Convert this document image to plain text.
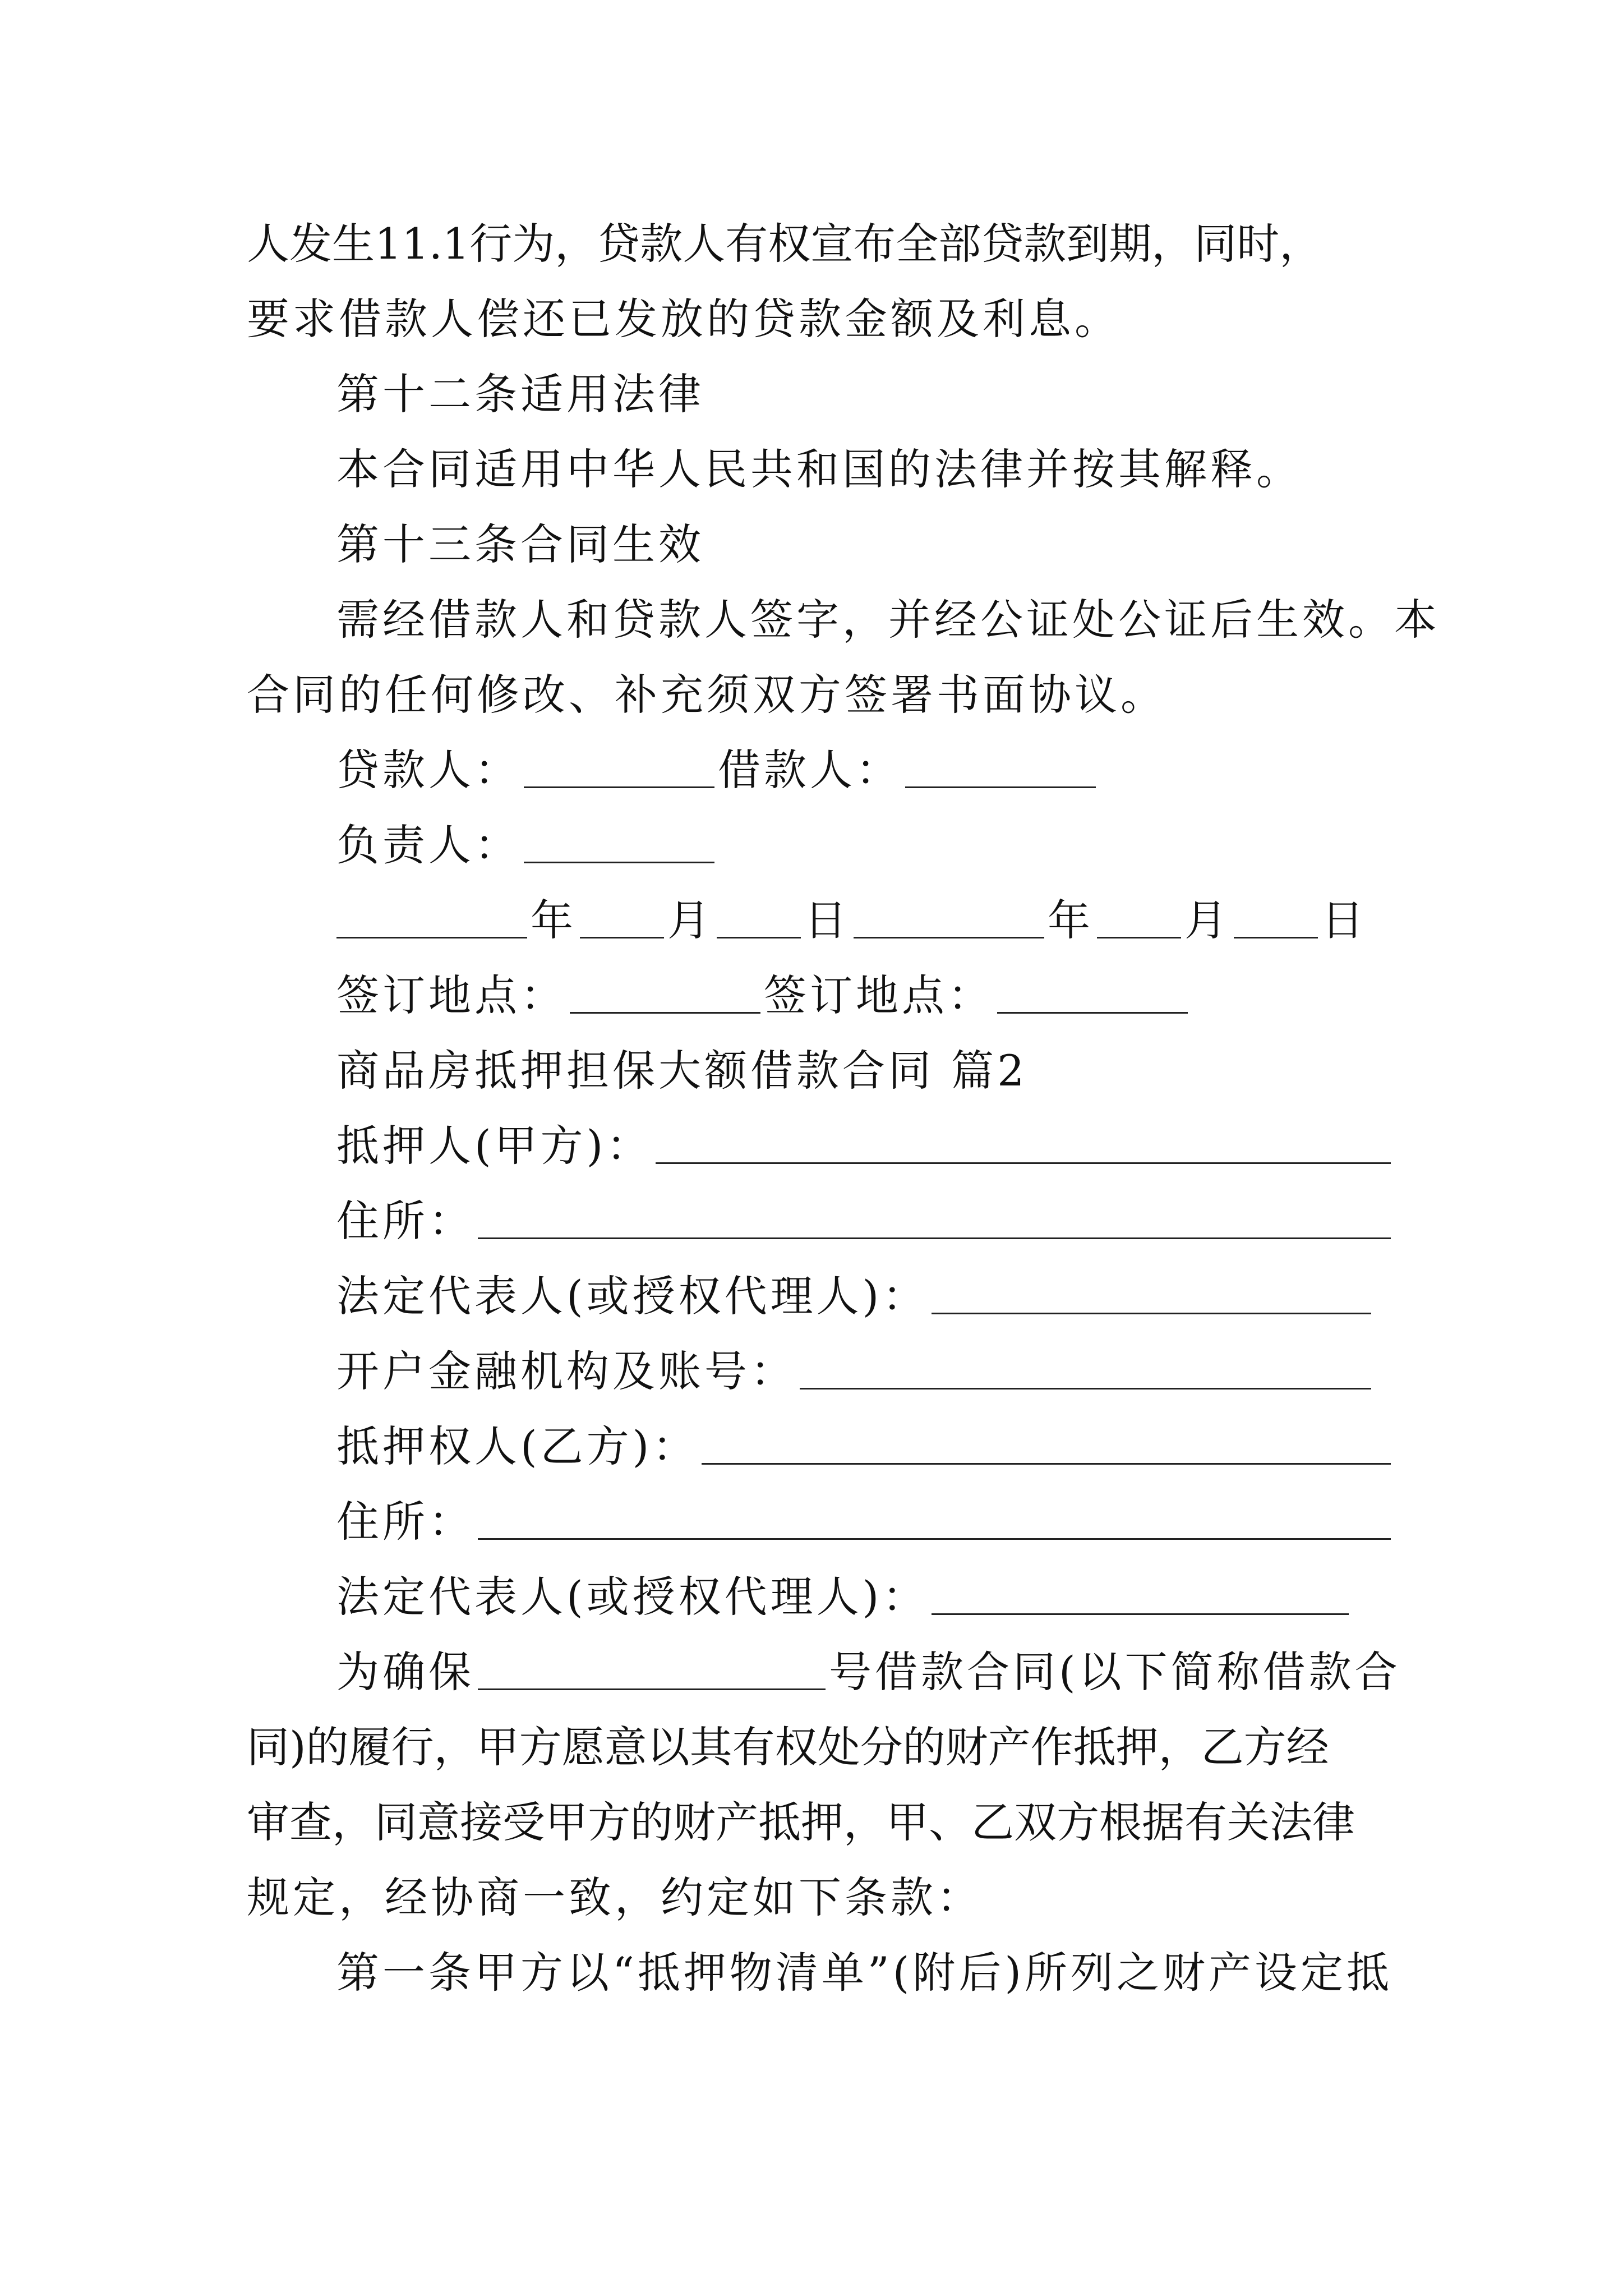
人发生11.1行为，贷款人有权宣布全部贷款到期，同时，
要求借款人偿还已发放的贷款金额及利息。
第十二条适用法律
本合同适用中华人民共和国的法律并按其解释。
第十三条合同生效
需经借款人和贷款人签字，并经公证处公证后生效。本
合同的任何修改、补充须双方签署书面协议。
贷款人：	借款人：
负责人：
年 月 日	年 月 日
签订地点：	签订地点：
商品房抵押担保大额借款合同 篇2
抵押人(甲方)：
住所：
法定代表人(或授权代理人)：
开户金融机构及账号：
抵押权人(乙方)：
住所：
法定代表人(或授权代理人)：
为确保	号借款合同(以下简称借款合
同)的履行，甲方愿意以其有权处分的财产作抵押，乙方经
审查，同意接受甲方的财产抵押，甲、乙双方根据有关法律
规定，经协商一致，约定如下条款：
第一条甲方以“抵押物清单”(附后)所列之财产设定抵
